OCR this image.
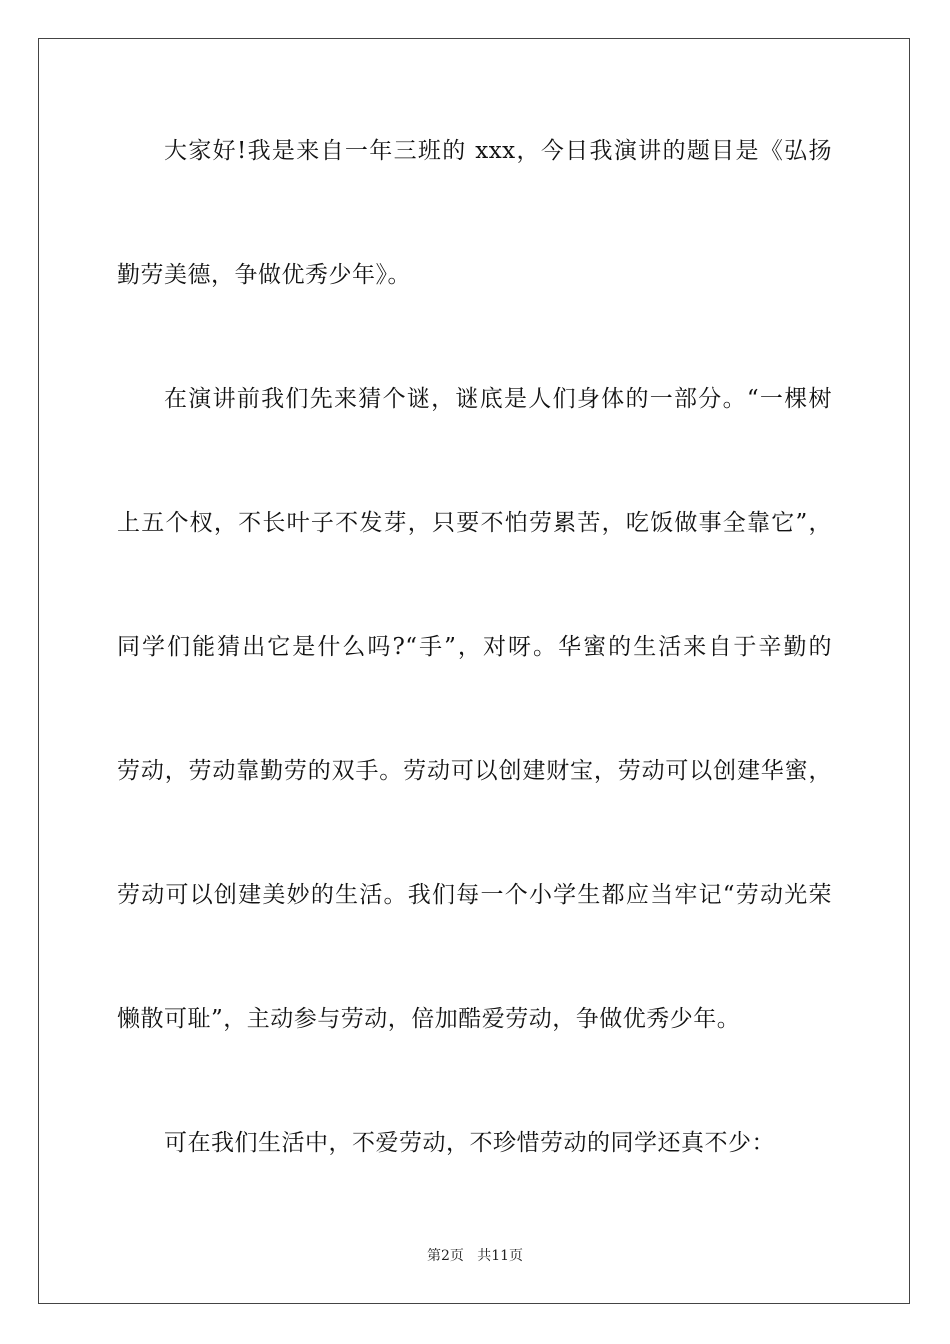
大家好!我是来自一年三班的 xxx，今日我演讲的题目是《弘扬
勤劳美德，争做优秀少年》。
在演讲前我们先来猜个谜，谜底是人们身体的一部分。“一棵树
上五个杈，不长叶子不发芽，只要不怕劳累苦，吃饭做事全靠它”，
同学们能猜出它是什么吗?“手”，对呀。华蜜的生活来自于辛勤的
劳动，劳动靠勤劳的双手。劳动可以创建财宝，劳动可以创建华蜜，
劳动可以创建美妙的生活。我们每一个小学生都应当牢记“劳动光荣
懒散可耻”，主动参与劳动，倍加酷爱劳动，争做优秀少年。
可在我们生活中，不爱劳动，不珍惜劳动的同学还真不少：
第2页   共11页
